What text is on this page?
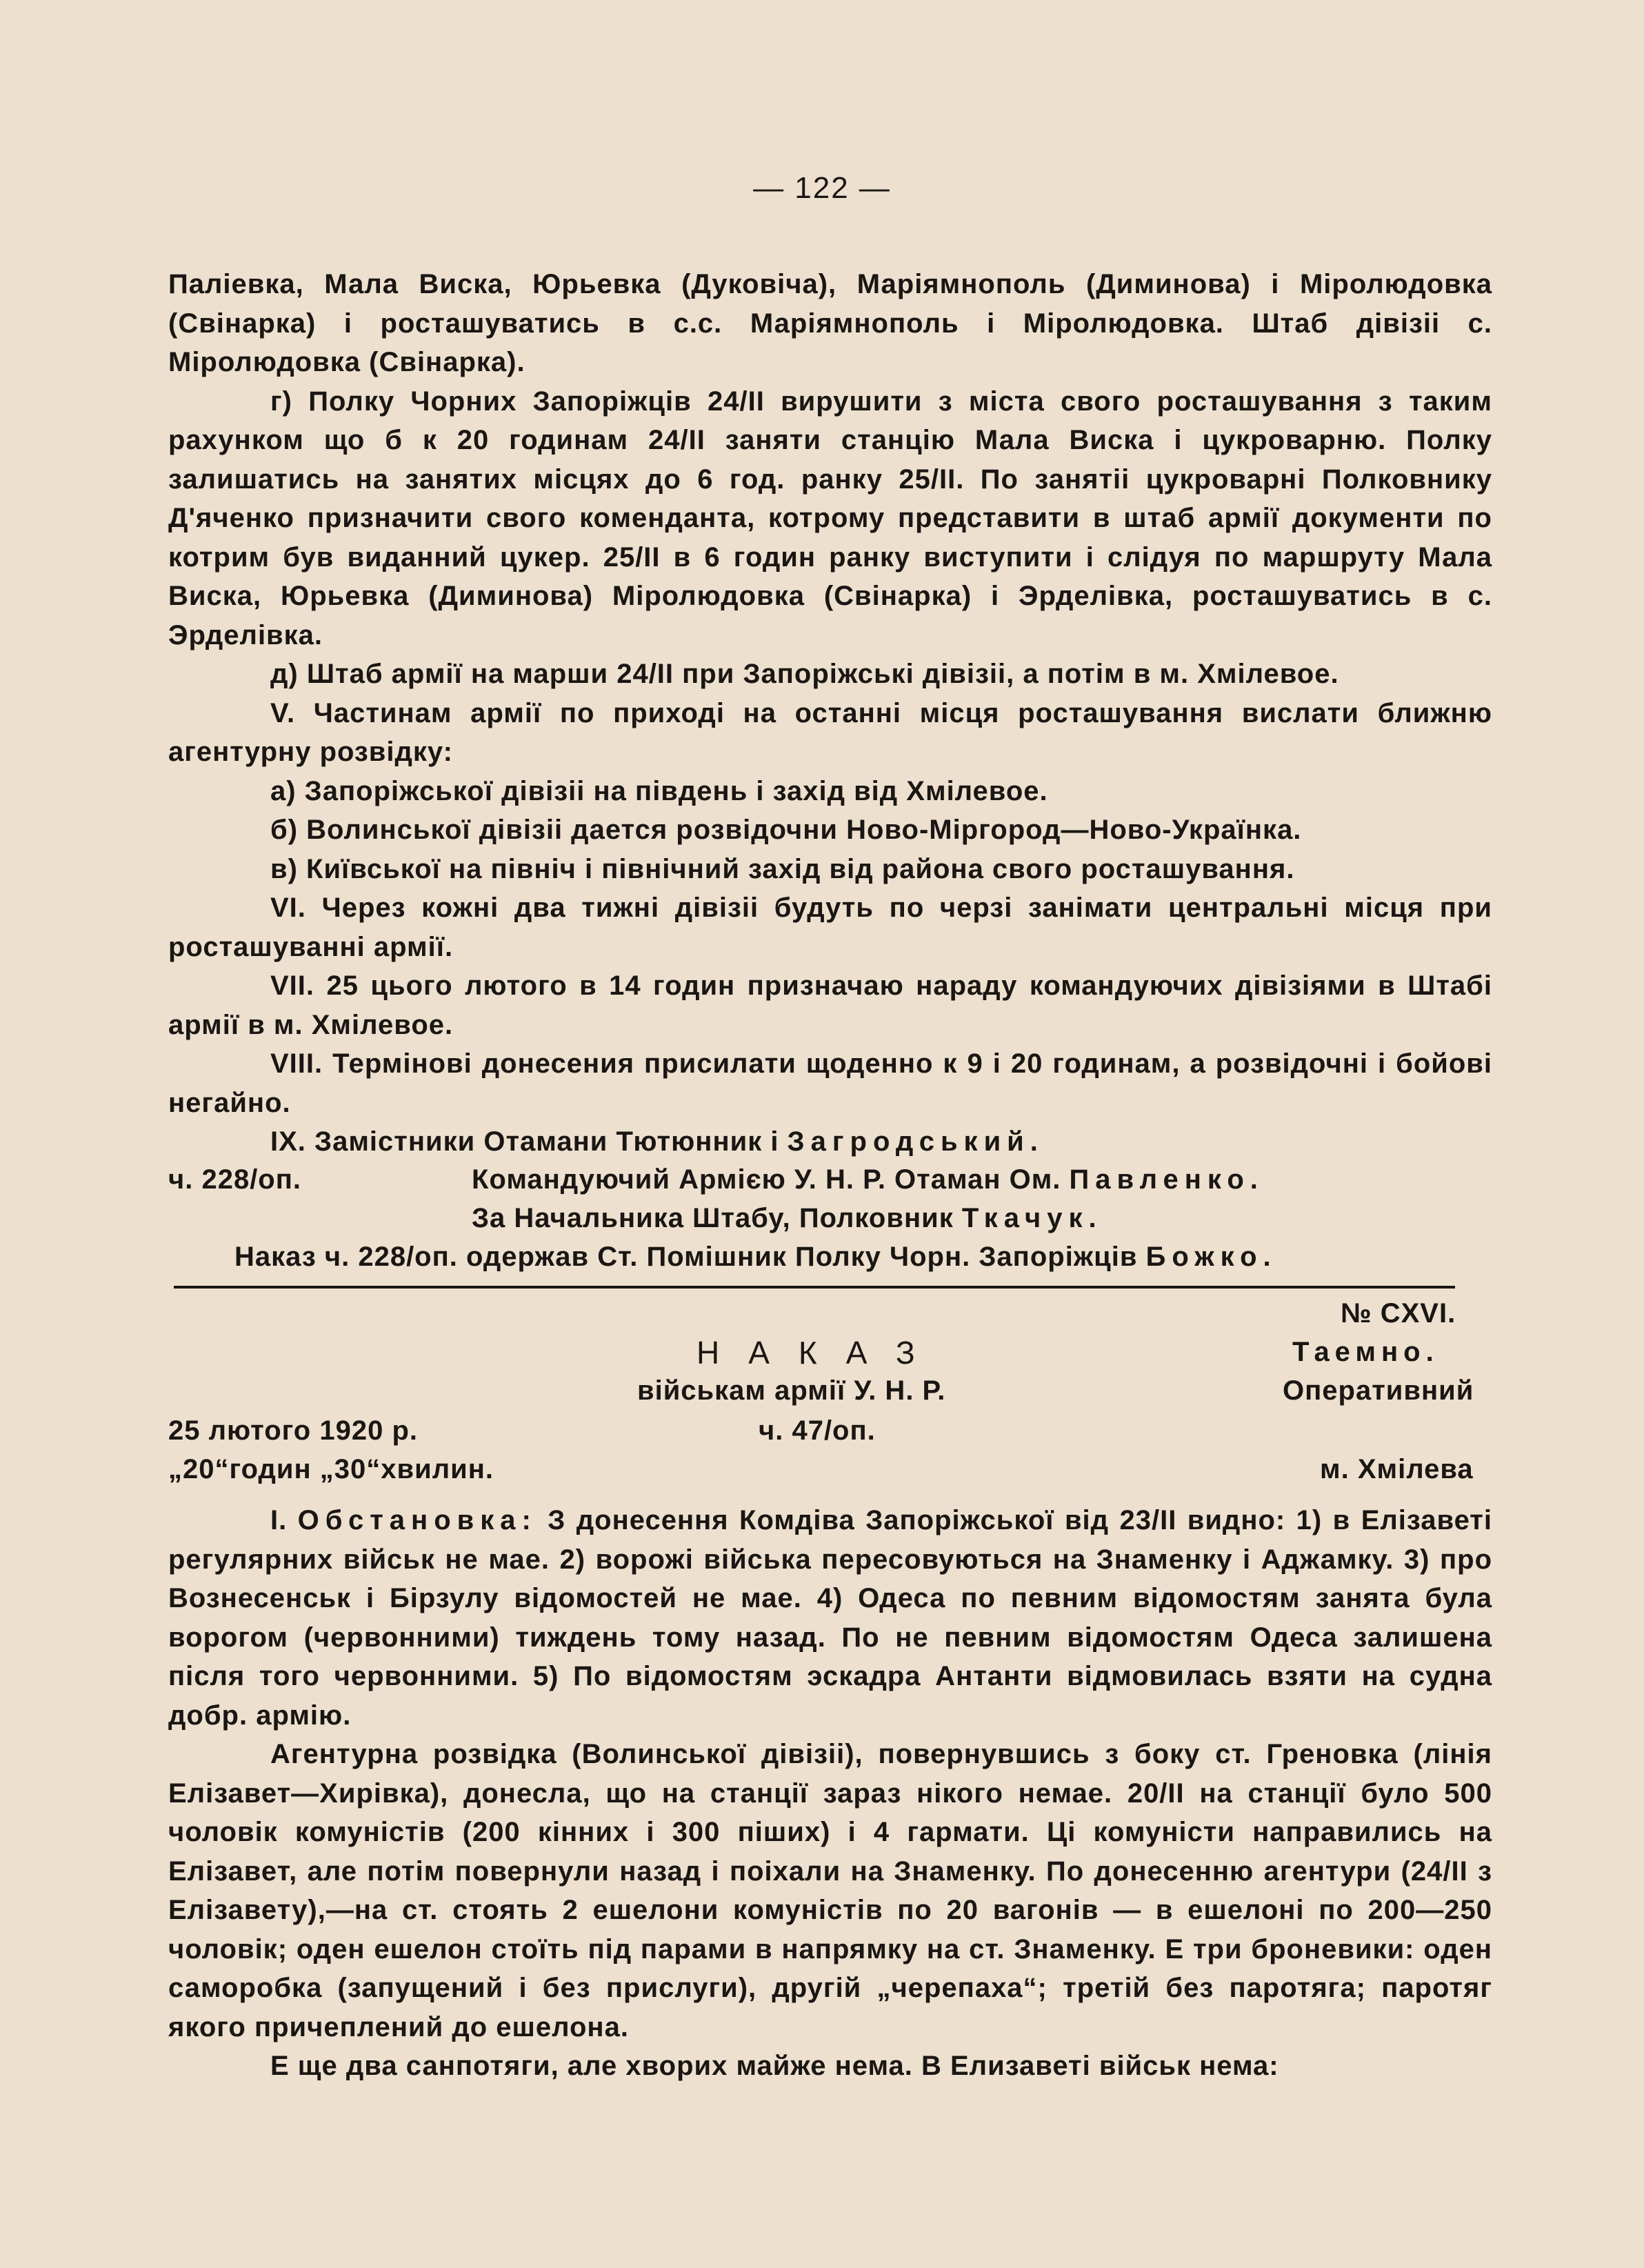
— 122 —

Паліевка, Мала Виска, Юрьевка (Дуковіча), Маріямнополь (Диминова) і Міролюдовка (Свінарка) і росташуватись в с.с. Маріямнополь і Міролюдовка. Штаб дівізіі с. Міролюдовка (Свінарка).

г) Полку Чорних Запоріжців 24/II вирушити з міста свого росташування з таким рахунком що б к 20 годинам 24/II заняти станцію Мала Виска і цукроварню. Полку залишатись на занятих місцях до 6 год. ранку 25/II. По занятіі цукроварні Полковнику Д'яченко призначити свого коменданта, котрому представити в штаб армії документи по котрим був виданний цукер. 25/II в 6 годин ранку виступити і слідуя по маршруту Мала Виска, Юрьевка (Диминова) Міролюдовка (Свінарка) і Эрделівка, росташуватись в с. Эрделівка.

д) Штаб армії на марши 24/II при Запоріжські дівізіі, а потім в м. Хмілевое.

V. Частинам армії по приході на останні місця росташування вислати ближню агентурну розвідку:

а) Запоріжської дівізіі на південь і захід від Хмілевое.

б) Волинської дівізіі дается розвідочни Ново-Міргород—Ново-Українка.

в) Київської на північ і північний захід від района свого росташування.

VI. Через кожні два тижні дівізіі будуть по черзі занімати центральні місця при росташуванні армії.

VII. 25 цього лютого в 14 годин призначаю нараду командуючих дівізіями в Штабі армії в м. Хмілевое.

VIII. Термінові донесения присилати щоденно к 9 і 20 годинам, а розвідочні і бойові негайно.

IX. Замістники Отамани Тютюнник і Загродський.

ч. 228/оп.	Командуючий Армією У. Н. Р. Отаман Ом. Павленко.
За Начальника Штабу, Полковник Ткачук.
Наказ ч. 228/оп. одержав Ст. Помішник Полку Чорн. Запоріжців Божко.
№ CXVI.
НАКАЗ	Таемно.
військам армії У. Н. Р.	Оперативний
25 лютого 1920 р.	ч. 47/оп.
„20“годин „30“хвилин.	м. Хмілева

I. Обстановка: З донесення Комдіва Запоріжської від 23/II видно: 1) в Елізаветі регулярних військ не мае. 2) ворожі війська пересовуються на Знаменку і Аджамку. 3) про Вознесенськ і Бірзулу відомостей не мае. 4) Одеса по певним відомостям занята була ворогом (червонними) тиждень тому назад. По не певним відомостям Одеса залишена після того червонними. 5) По відомостям эскадра Антанти відмовилась взяти на судна добр. армію.

Агентурна розвідка (Волинської дівізіі), повернувшись з боку ст. Греновка (лінія Елізавет—Хирівка), донесла, що на станції зараз нікого немае. 20/II на станції було 500 чоловік комуністів (200 кінних і 300 піших) і 4 гармати. Ці комуністи направились на Елізавет, але потім повернули назад і поіхали на Знаменку. По донесенню агентури (24/II з Елізавету),—на ст. стоять 2 ешелони комуністів по 20 вагонів — в ешелоні по 200—250 чоловік; оден ешелон стоїть під парами в напрямку на ст. Знаменку. Е три броневики: оден саморобка (запущений і без прислуги), другій „черепаха“; третій без паротяга; паротяг якого причеплений до ешелона.

Е ще два санпотяги, але хворих майже нема. В Елизаветі військ нема:
